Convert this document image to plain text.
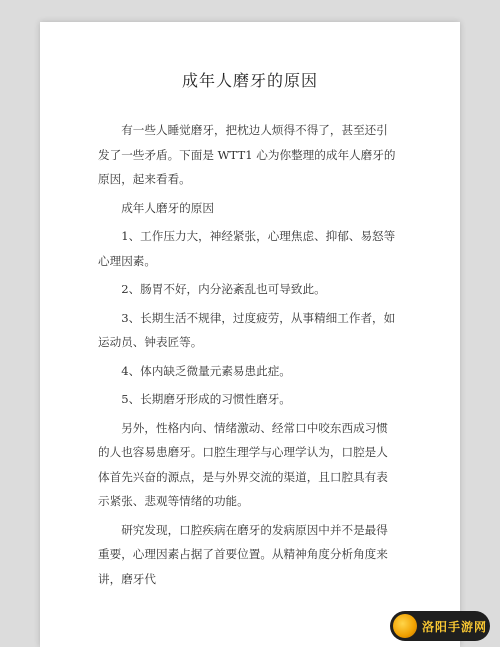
成年人磨牙的原因

有一些人睡觉磨牙，把枕边人烦得不得了，甚至还引发了一些矛盾。下面是 WTT1 心为你整理的成年人磨牙的原因，起来看看。

成年人磨牙的原因

1、工作压力大，神经紧张，心理焦虑、抑郁、易怒等心理因素。

2、肠胃不好，内分泌紊乱也可导致此。

3、长期生活不规律，过度疲劳，从事精细工作者，如运动员、钟表匠等。

4、体内缺乏微量元素易患此症。

5、长期磨牙形成的习惯性磨牙。

另外，性格内向、情绪激动、经常口中咬东西成习惯的人也容易患磨牙。口腔生理学与心理学认为，口腔是人体首先兴奋的源点，是与外界交流的渠道，且口腔具有表示紧张、悲观等情绪的功能。

研究发现，口腔疾病在磨牙的发病原因中并不是最得重要，心理因素占据了首要位置。从精神角度分析角度来讲，磨牙代

洛阳手游网
